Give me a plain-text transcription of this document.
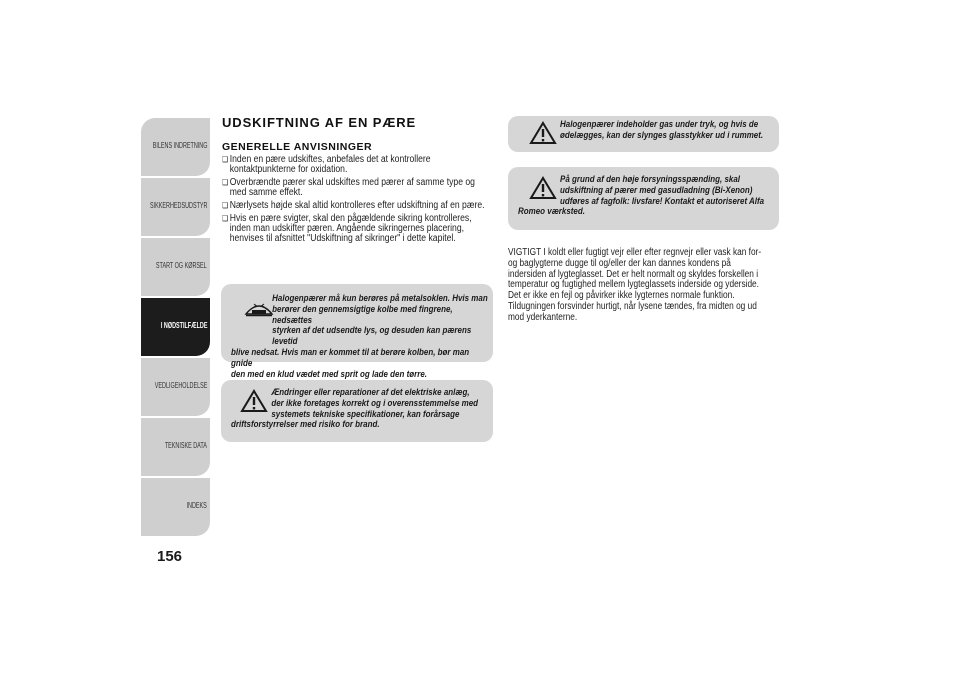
BILENS INDRETNING
SIKKERHEDSUDSTYR
START OG KØRSEL
I NØDSTILFÆLDE
VEDLIGEHOLDELSE
TEKNISKE DATA
INDEKS
156
UDSKIFTNING AF EN PÆRE
GENERELLE ANVISNINGER
❏ Inden en pære udskiftes, anbefales det at kontrollere
kontaktpunkterne for oxidation.
❏ Overbrændte pærer skal udskiftes med pærer af samme type og
med samme effekt.
❏ Nærlysets højde skal altid kontrolleres efter udskiftning af en pære.
❏ Hvis en pære svigter, skal den pågældende sikring kontrolleres,
inden man udskifter pæren. Angående sikringernes placering,
henvises til afsnittet "Udskiftning af sikringer" i dette kapitel.
Halogenpærer må kun berøres på metalsoklen. Hvis man
berører den gennemsigtige kolbe med fingrene, nedsættes
styrken af det udsendte lys, og desuden kan pærens levetid
blive nedsat. Hvis man er kommet til at berøre kolben, bør man gnide
den med en klud vædet med sprit og lade den tørre.
Ændringer eller reparationer af det elektriske anlæg,
der ikke foretages korrekt og i overensstemmelse med
systemets tekniske specifikationer, kan forårsage
driftsforstyrrelser med risiko for brand.
Halogenpærer indeholder gas under tryk, og hvis de
ødelægges, kan der slynges glasstykker ud i rummet.
På grund af den høje forsyningsspænding, skal
udskiftning af pærer med gasudladning (Bi-Xenon)
udføres af fagfolk: livsfare! Kontakt et autoriseret Alfa
Romeo værksted.
VIGTIGT I koldt eller fugtigt vejr eller efter regnvejr eller vask kan for-
og baglygterne dugge til og/eller der kan dannes kondens på
indersiden af lygteglasset. Det er helt normalt og skyldes forskellen i
temperatur og fugtighed mellem lygteglassets inderside og yderside.
Det er ikke en fejl og påvirker ikke lygternes normale funktion.
Tildugningen forsvinder hurtigt, når lysene tændes, fra midten og ud
mod yderkanterne.
